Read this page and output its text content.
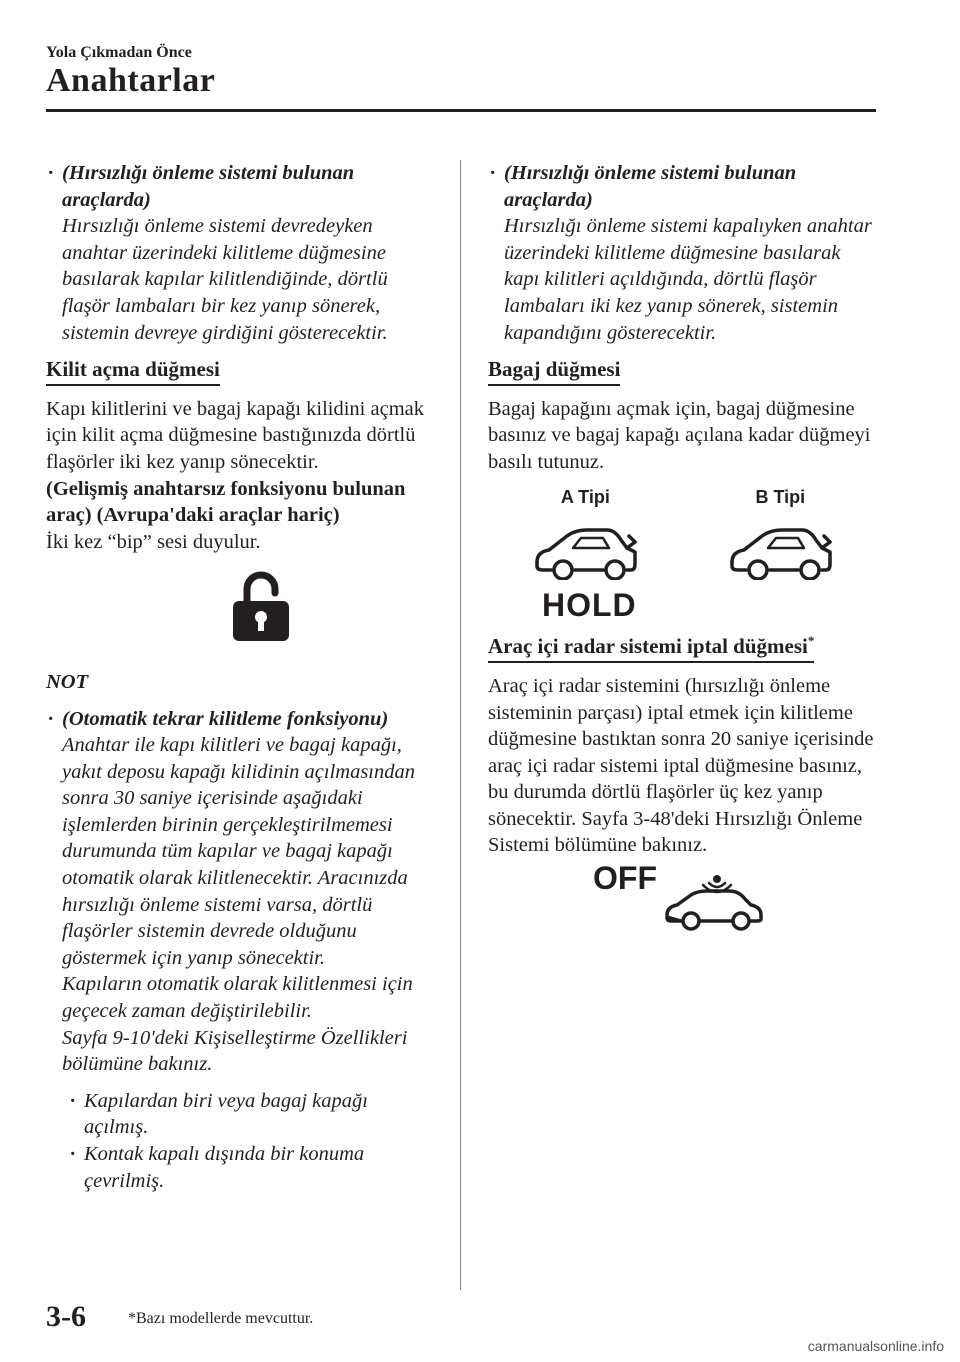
Yola Çıkmadan Önce
Anahtarlar
· (Hırsızlığı önleme sistemi bulunan araçlarda)
Hırsızlığı önleme sistemi devredeyken anahtar üzerindeki kilitleme düğmesine basılarak kapılar kilitlendiğinde, dörtlü flaşör lambaları bir kez yanıp sönerek, sistemin devreye girdiğini gösterecektir.
Kilit açma düğmesi

Kapı kilitlerini ve bagaj kapağı kilidini açmak için kilit açma düğmesine bastığınızda dörtlü flaşörler iki kez yanıp sönecektir.

(Gelişmiş anahtarsız fonksiyonu bulunan araç) (Avrupa'daki araçlar hariç)

İki kez “bip” sesi duyulur.

NOT
· (Otomatik tekrar kilitleme fonksiyonu)
Anahtar ile kapı kilitleri ve bagaj kapağı, yakıt deposu kapağı kilidinin açılmasından sonra 30 saniye içerisinde aşağıdaki işlemlerden birinin gerçekleştirilmemesi durumunda tüm kapılar ve bagaj kapağı otomatik olarak kilitlenecektir. Aracınızda hırsızlığı önleme sistemi varsa, dörtlü flaşörler sistemin devrede olduğunu göstermek için yanıp sönecektir.
Kapıların otomatik olarak kilitlenmesi için geçecek zaman değiştirilebilir.
Sayfa 9-10'deki Kişiselleştirme Özellikleri bölümüne bakınız.
· Kapılardan biri veya bagaj kapağı açılmış.
· Kontak kapalı dışında bir konuma çevrilmiş.
· (Hırsızlığı önleme sistemi bulunan araçlarda)
Hırsızlığı önleme sistemi kapalıyken anahtar üzerindeki kilitleme düğmesine basılarak kapı kilitleri açıldığında, dörtlü flaşör lambaları iki kez yanıp sönerek, sistemin kapandığını gösterecektir.
Bagaj düğmesi

Bagaj kapağını açmak için, bagaj düğmesine basınız ve bagaj kapağı açılana kadar düğmeyi basılı tutunuz.

A Tipi	B Tipi
HOLD
Araç içi radar sistemi iptal düğmesi*

Araç içi radar sistemini (hırsızlığı önleme sisteminin parçası) iptal etmek için kilitleme düğmesine bastıktan sonra 20 saniye içerisinde araç içi radar sistemi iptal düğmesine basınız, bu durumda dörtlü flaşörler üç kez yanıp sönecektir. Sayfa 3-48'deki Hırsızlığı Önleme Sistemi bölümüne bakınız.

OFF
3-6	*Bazı modellerde mevcuttur.
carmanualsonline.info
